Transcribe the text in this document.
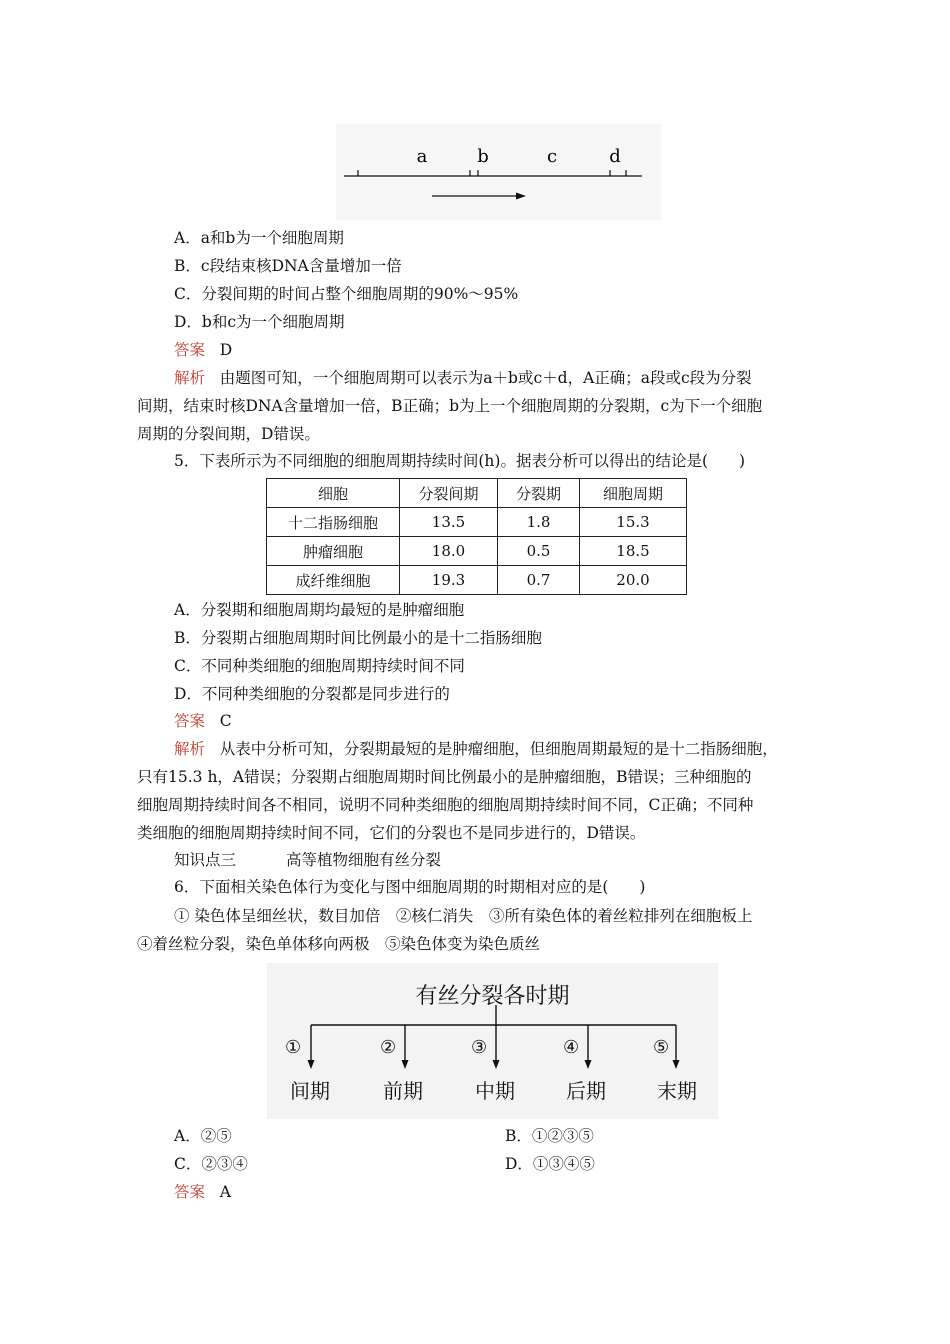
a	b	c	d
A．a和b为一个细胞周期
B．c段结束核DNA含量增加一倍
C．分裂间期的时间占整个细胞周期的90%～95%
D．b和c为一个细胞周期
答案 D
解析 由题图可知，一个细胞周期可以表示为a＋b或c＋d，A正确；a段或c段为分裂
间期，结束时核DNA含量增加一倍，B正确；b为上一个细胞周期的分裂期，c为下一个细胞
周期的分裂间期，D错误。
5．下表所示为不同细胞的细胞周期持续时间(h)。据表分析可以得出的结论是(　　)
细胞	分裂间期	分裂期	细胞周期
十二指肠细胞	13.5	1.8	15.3
肿瘤细胞	18.0	0.5	18.5
成纤维细胞	19.3	0.7	20.0
A．分裂期和细胞周期均最短的是肿瘤细胞
B．分裂期占细胞周期时间比例最小的是十二指肠细胞
C．不同种类细胞的细胞周期持续时间不同
D．不同种类细胞的分裂都是同步进行的
答案 C
解析 从表中分析可知，分裂期最短的是肿瘤细胞，但细胞周期最短的是十二指肠细胞，
只有15.3 h，A错误；分裂期占细胞周期时间比例最小的是肿瘤细胞，B错误；三种细胞的
细胞周期持续时间各不相同，说明不同种类细胞的细胞周期持续时间不同，C正确；不同种
类细胞的细胞周期持续时间不同，它们的分裂也不是同步进行的，D错误。
知识点三	高等植物细胞有丝分裂
6．下面相关染色体行为变化与图中细胞周期的时期相对应的是(　　)
① 染色体呈细丝状，数目加倍　②核仁消失　③所有染色体的着丝粒排列在细胞板上
④着丝粒分裂，染色单体移向两极　⑤染色体变为染色质丝
有丝分裂各时期
①	②	③	④	⑤
间期	前期	中期	后期	末期
A．②⑤	B．①②③⑤
C．②③④	D．①③④⑤
答案 A
